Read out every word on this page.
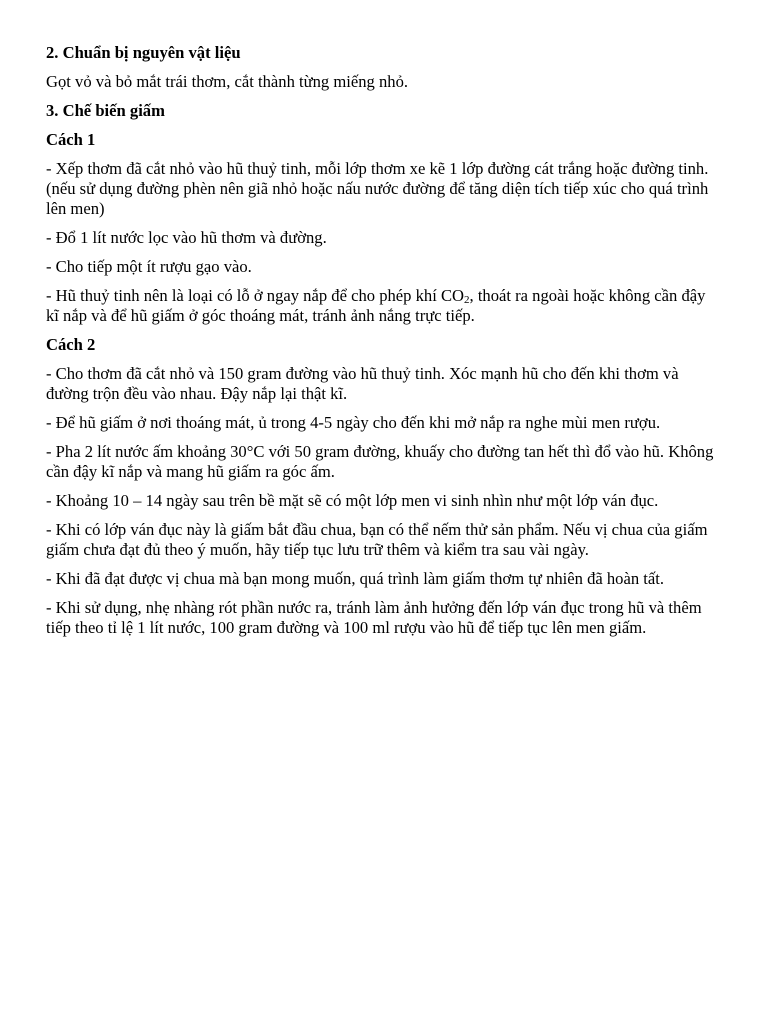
2. Chuẩn bị nguyên vật liệu

Gọt vỏ và bỏ mắt trái thơm, cắt thành từng miếng nhỏ.

3. Chế biến giấm

Cách 1

- Xếp thơm đã cắt nhỏ vào hũ thuỷ tinh, mỗi lớp thơm xe kẽ 1 lớp đường cát trắng hoặc đường tinh. (nếu sử dụng đường phèn nên giã nhỏ hoặc nấu nước đường để tăng diện tích tiếp xúc cho quá trình lên men)

- Đổ 1 lít nước lọc vào hũ thơm và đường.

- Cho tiếp một ít rượu gạo vào.

- Hũ thuỷ tinh nên là loại có lỗ ở ngay nắp để cho phép khí $CO_2$, thoát ra ngoài hoặc không cần đậy kĩ nắp và để hũ giấm ở góc thoáng mát, tránh ảnh nắng trực tiếp.

Cách 2

- Cho thơm đã cắt nhỏ và 150 gram đường vào hũ thuỷ tinh. Xóc mạnh hũ cho đến khi thơm và đường trộn đều vào nhau. Đậy nắp lại thật kĩ.

- Để hũ giấm ở nơi thoáng mát, ủ trong 4-5 ngày cho đến khi mở nắp ra nghe mùi men rượu.

- Pha 2 lít nước ấm khoảng 30°C với 50 gram đường, khuấy cho đường tan hết thì đổ vào hũ. Không cần đậy kĩ nắp và mang hũ giấm ra góc ấm.

- Khoảng 10 – 14 ngày sau trên bề mặt sẽ có một lớp men vi sinh nhìn như một lớp ván đục.

- Khi có lớp ván đục này là giấm bắt đầu chua, bạn có thể nếm thử sản phẩm. Nếu vị chua của giấm giấm chưa đạt đủ theo ý muốn, hãy tiếp tục lưu trữ thêm và kiểm tra sau vài ngày.

- Khi đã đạt được vị chua mà bạn mong muốn, quá trình làm giấm thơm tự nhiên đã hoàn tất.

- Khi sử dụng, nhẹ nhàng rót phần nước ra, tránh làm ảnh hưởng đến lớp ván đục trong hũ và thêm tiếp theo tỉ lệ 1 lít nước, 100 gram đường và 100 ml rượu vào hũ để tiếp tục lên men giấm.
